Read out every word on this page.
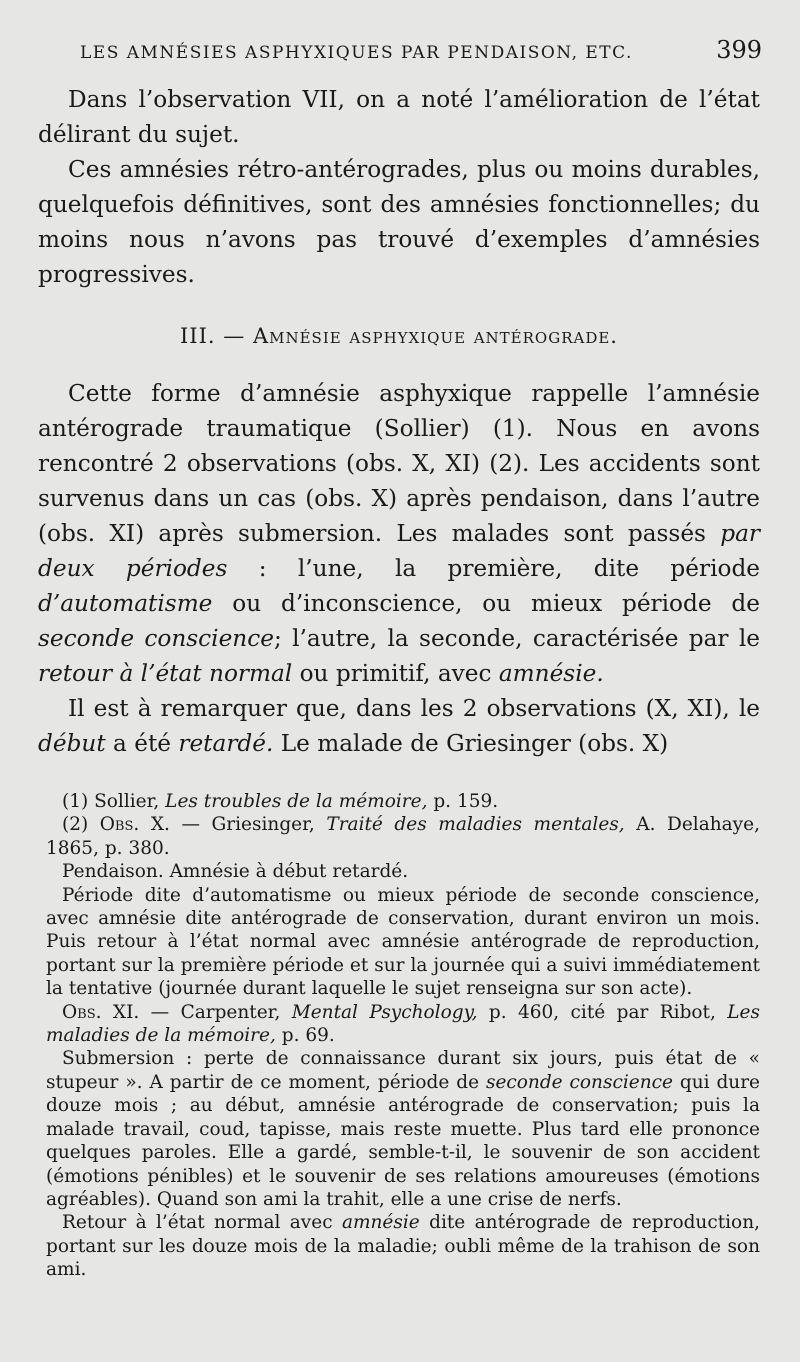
LES AMNÉSIES ASPHYXIQUES PAR PENDAISON, ETC.	399

Dans l’observation VII, on a noté l’amélioration de l’état délirant du sujet.

Ces amnésies rétro-antérogrades, plus ou moins durables, quelquefois définitives, sont des amnésies fonctionnelles; du moins nous n’avons pas trouvé d’exemples d’amnésies progressives.

III. — Amnésie asphyxique antérograde.

Cette forme d’amnésie asphyxique rappelle l’amnésie antérograde traumatique (Sollier) (1). Nous en avons rencontré 2 observations (obs. X, XI) (2). Les accidents sont survenus dans un cas (obs. X) après pendaison, dans l’autre (obs. XI) après submersion. Les malades sont passés par deux périodes : l’une, la première, dite période d’automatisme ou d’inconscience, ou mieux période de seconde conscience; l’autre, la seconde, caractérisée par le retour à l’état normal ou primitif, avec amnésie.

Il est à remarquer que, dans les 2 observations (X, XI), le début a été retardé. Le malade de Griesinger (obs. X)

(1) Sollier, Les troubles de la mémoire, p. 159.

(2) Obs. X. — Griesinger, Traité des maladies mentales, A. Delahaye, 1865, p. 380.

Pendaison. Amnésie à début retardé.

Période dite d’automatisme ou mieux période de seconde conscience, avec amnésie dite antérograde de conservation, durant environ un mois. Puis retour à l’état normal avec amnésie antérograde de reproduction, portant sur la première période et sur la journée qui a suivi immédiatement la tentative (journée durant laquelle le sujet renseigna sur son acte).

Obs. XI. — Carpenter, Mental Psychology, p. 460, cité par Ribot, Les maladies de la mémoire, p. 69.

Submersion : perte de connaissance durant six jours, puis état de « stupeur ». A partir de ce moment, période de seconde conscience qui dure douze mois ; au début, amnésie antérograde de conservation; puis la malade travail, coud, tapisse, mais reste muette. Plus tard elle prononce quelques paroles. Elle a gardé, semble-t-il, le souvenir de son accident (émotions pénibles) et le souvenir de ses relations amoureuses (émotions agréables). Quand son ami la trahit, elle a une crise de nerfs.

Retour à l’état normal avec amnésie dite antérograde de reproduction, portant sur les douze mois de la maladie; oubli même de la trahison de son ami.
